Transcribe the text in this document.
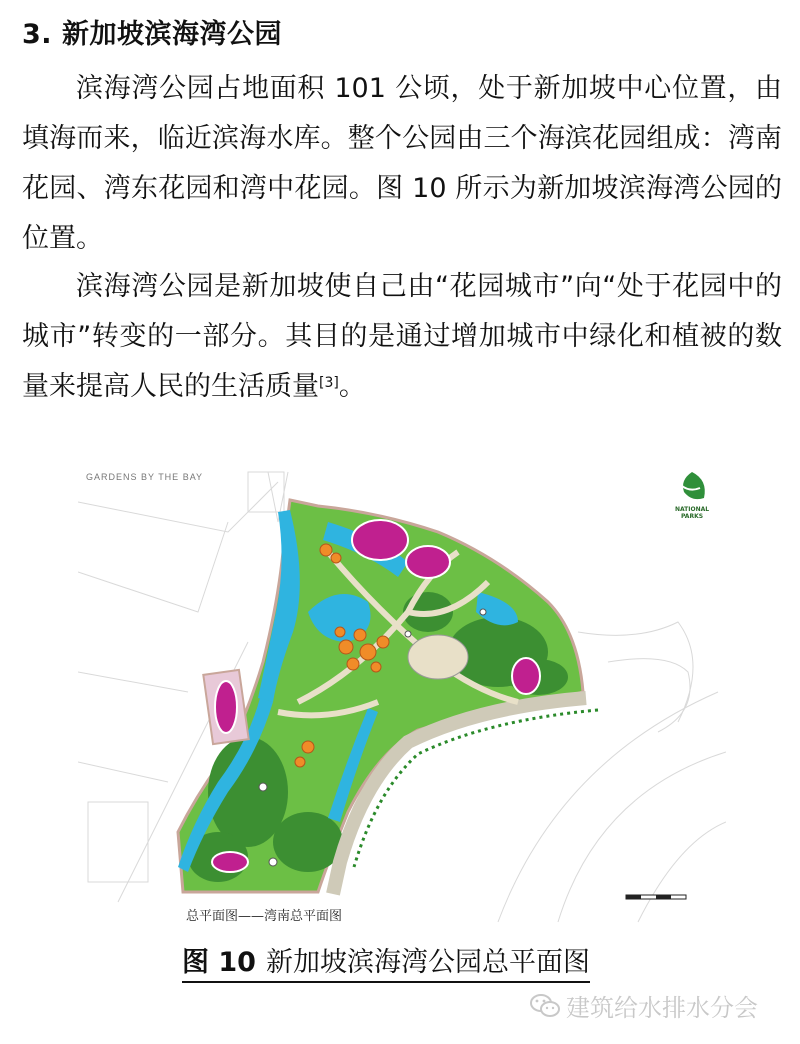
3. 新加坡滨海湾公园

滨海湾公园占地面积 101 公顷，处于新加坡中心位置，由填海而来，临近滨海水库。整个公园由三个海滨花园组成：湾南花园、湾东花园和湾中花园。图 10 所示为新加坡滨海湾公园的位置。

滨海湾公园是新加坡使自己由“花园城市”向“处于花园中的城市”转变的一部分。其目的是通过增加城市中绿化和植被的数量来提高人民的生活质量[3]。

GARDENS BY THE BAY
NATIONAL PARKS
总平面图——湾南总平面图

图 10 新加坡滨海湾公园总平面图

建筑给水排水分会
